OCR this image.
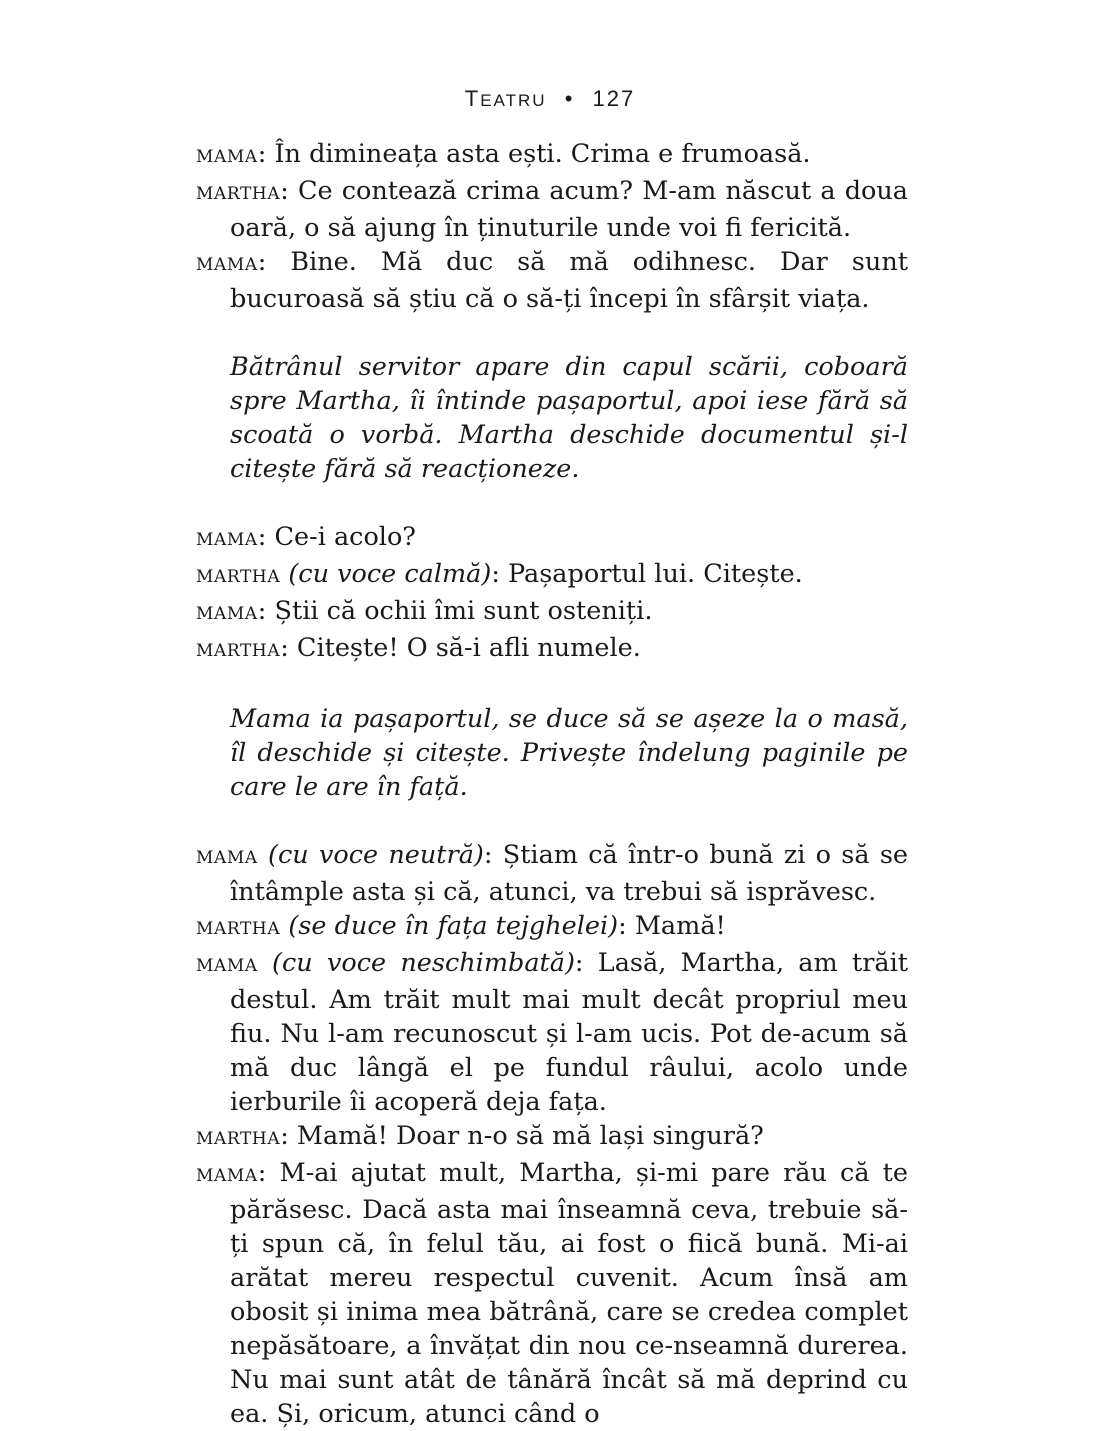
TEATRU • 127

MAMA: În dimineața asta ești. Crima e frumoasă.

MARTHA: Ce contează crima acum? M-am născut a doua oară, o să ajung în ținuturile unde voi fi fericită.

MAMA: Bine. Mă duc să mă odihnesc. Dar sunt bucuroasă să știu că o să-ți începi în sfârșit viața.

Bătrânul servitor apare din capul scării, coboară spre Martha, îi întinde pașaportul, apoi iese fără să scoată o vorbă. Martha deschide documentul și-l citește fără să reacționeze.

MAMA: Ce-i acolo?

MARTHA (cu voce calmă): Pașaportul lui. Citește.

MAMA: Știi că ochii îmi sunt osteniți.

MARTHA: Citește! O să-i afli numele.

Mama ia pașaportul, se duce să se așeze la o masă, îl deschide și citește. Privește îndelung paginile pe care le are în față.

MAMA (cu voce neutră): Știam că într-o bună zi o să se întâmple asta și că, atunci, va trebui să isprăvesc.

MARTHA (se duce în fața tejghelei): Mamă!

MAMA (cu voce neschimbată): Lasă, Martha, am trăit destul. Am trăit mult mai mult decât propriul meu fiu. Nu l-am recunoscut și l-am ucis. Pot de-acum să mă duc lângă el pe fundul râului, acolo unde ierburile îi acoperă deja fața.

MARTHA: Mamă! Doar n-o să mă lași singură?

MAMA: M-ai ajutat mult, Martha, și-mi pare rău că te părăsesc. Dacă asta mai înseamnă ceva, trebuie să-ți spun că, în felul tău, ai fost o fiică bună. Mi-ai arătat mereu respectul cuvenit. Acum însă am obosit și inima mea bătrână, care se credea complet nepăsătoare, a învățat din nou ce-nseamnă durerea. Nu mai sunt atât de tânără încât să mă deprind cu ea. Și, oricum, atunci când o
